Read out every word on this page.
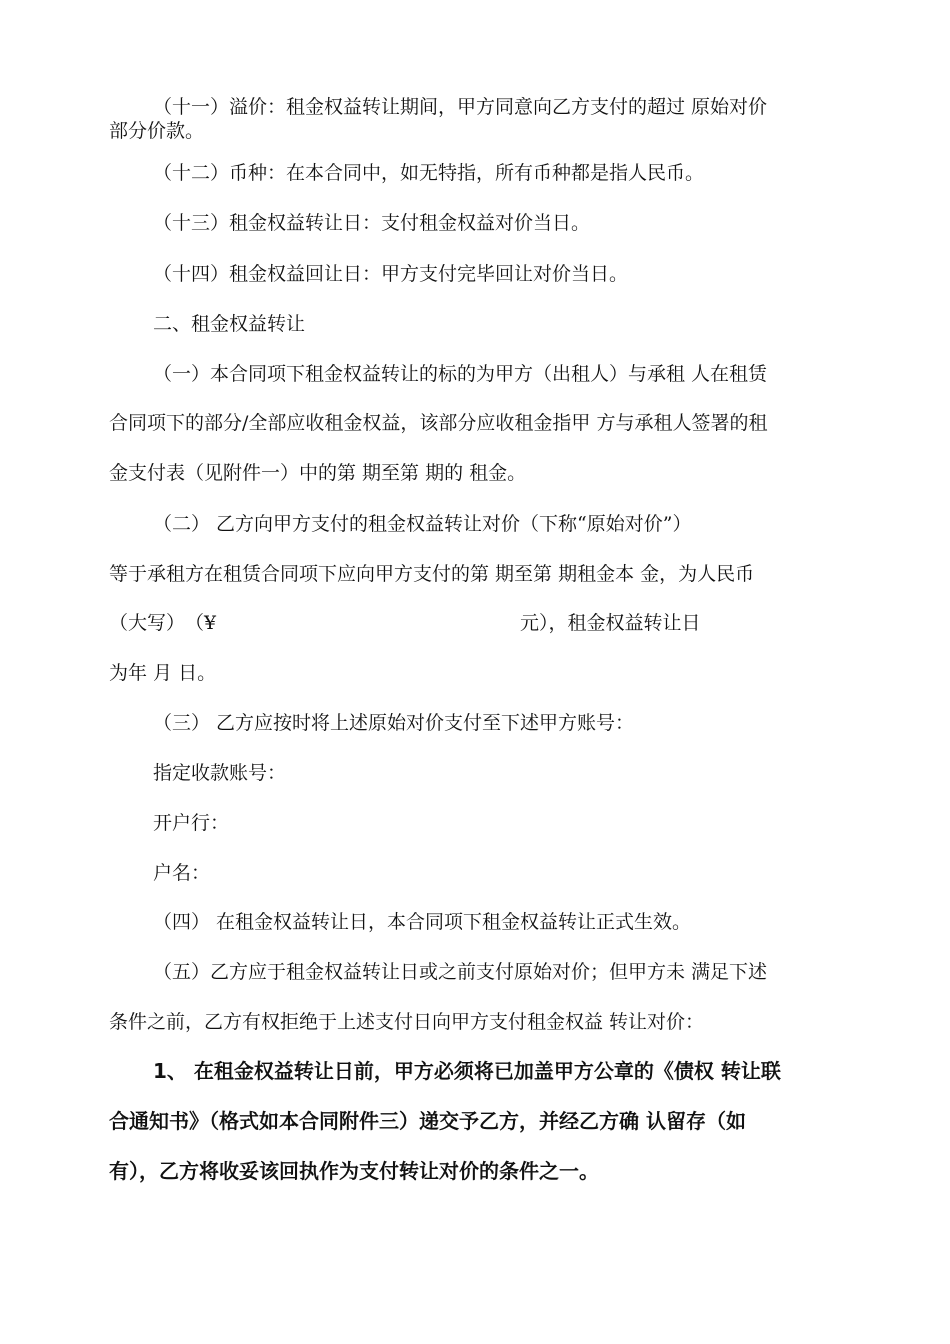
（十一）溢价：租金权益转让期间，甲方同意向乙方支付的超过 原始对价
部分价款。
（十二）币种：在本合同中，如无特指，所有币种都是指人民币。
（十三）租金权益转让日：支付租金权益对价当日。
（十四）租金权益回让日：甲方支付完毕回让对价当日。
二、租金权益转让
（一）本合同项下租金权益转让的标的为甲方（出租人）与承租 人在租赁
合同项下的部分/全部应收租金权益，该部分应收租金指甲 方与承租人签署的租
金支付表（见附件一）中的第 期至第 期的 租金。
（二） 乙方向甲方支付的租金权益转让对价（下称“原始对价”）
等于承租方在租赁合同项下应向甲方支付的第 期至第 期租金本 金，为人民币
（大写）　（¥	元），租金权益转让日
为年 月 日。
（三） 乙方应按时将上述原始对价支付至下述甲方账号：
指定收款账号：
开户行：
户名：
（四） 在租金权益转让日，本合同项下租金权益转让正式生效。
（五）乙方应于租金权益转让日或之前支付原始对价；但甲方未 满足下述
条件之前，乙方有权拒绝于上述支付日向甲方支付租金权益 转让对价：
1、 在租金权益转让日前，甲方必须将已加盖甲方公章的《债权 转让联
合通知书》（格式如本合同附件三）递交予乙方，并经乙方确 认留存（如
有），乙方将收妥该回执作为支付转让对价的条件之一。
